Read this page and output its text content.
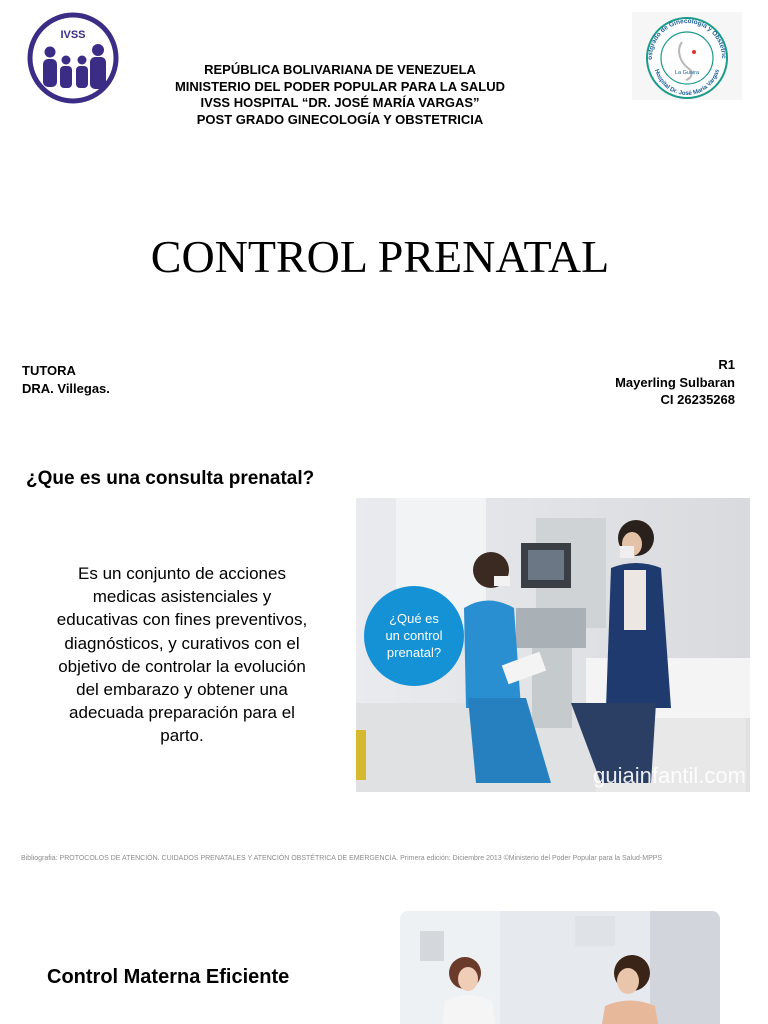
IVSS
ostgrado de Ginecología y Obstetric
Hospital Dr. José María Vargas
La Guaira
REPÚBLICA BOLIVARIANA DE VENEZUELA
MINISTERIO DEL PODER POPULAR PARA LA SALUD
IVSS HOSPITAL “DR. JOSÉ MARÍA VARGAS”
POST GRADO GINECOLOGÍA Y OBSTETRICIA
CONTROL PRENATAL
TUTORA
DRA. Villegas.
R1
Mayerling Sulbaran
CI 26235268
¿Que es una consulta prenatal?
Es un conjunto de acciones medicas asistenciales y educativas con fines preventivos, diagnósticos, y curativos con el objetivo de controlar la evolución del embarazo y obtener una adecuada preparación para el parto.
¿Qué es
un control
prenatal?
guiainfantil.com
Bibliografia: PROTOCOLOS DE ATENCIÓN. CUIDADOS PRENATALES Y ATENCIÓN OBSTÉTRICA DE EMERGENCIA. Primera edición: Diciembre 2013 ©Ministerio del Poder Popular para la Salud-MPPS
Control Materna Eficiente
